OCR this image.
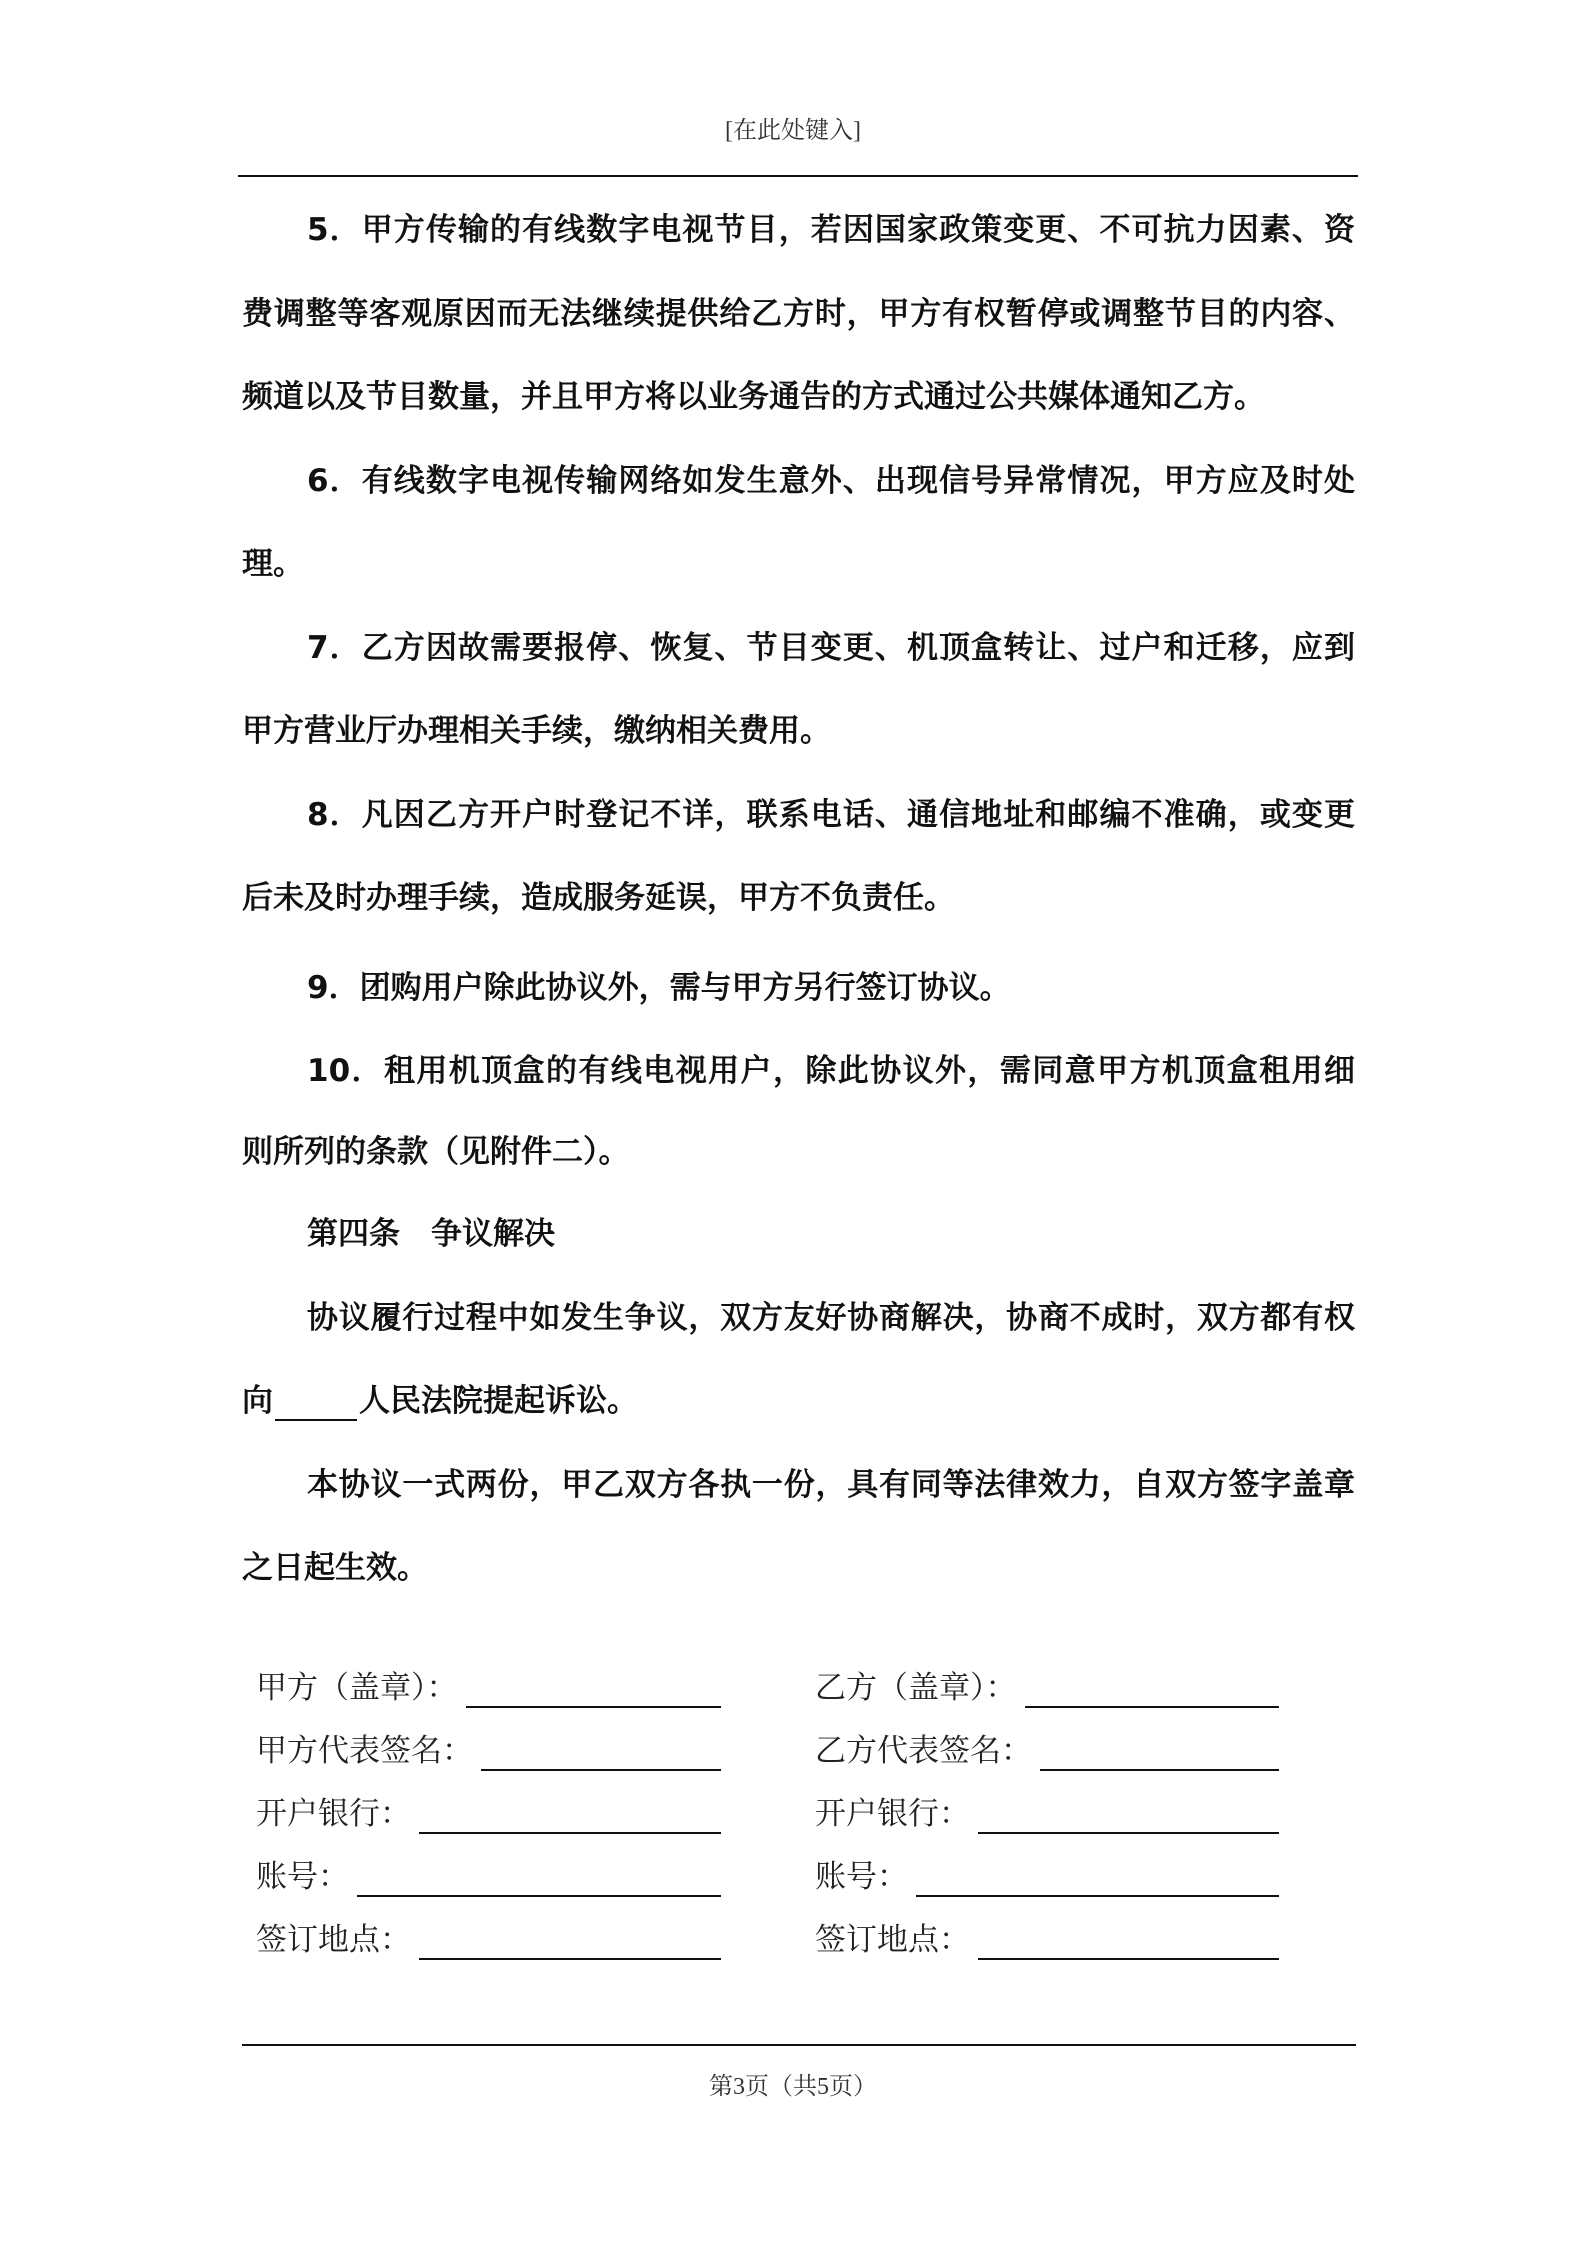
[在此处键入]
5．甲方传输的有线数字电视节目，若因国家政策变更、不可抗力因素、资
费调整等客观原因而无法继续提供给乙方时，甲方有权暂停或调整节目的内容、
频道以及节目数量，并且甲方将以业务通告的方式通过公共媒体通知乙方。
6．有线数字电视传输网络如发生意外、出现信号异常情况，甲方应及时处
理。
7．乙方因故需要报停、恢复、节目变更、机顶盒转让、过户和迁移，应到
甲方营业厅办理相关手续，缴纳相关费用。
8．凡因乙方开户时登记不详，联系电话、通信地址和邮编不准确，或变更
后未及时办理手续，造成服务延误，甲方不负责任。
9．团购用户除此协议外，需与甲方另行签订协议。
10．租用机顶盒的有线电视用户，除此协议外，需同意甲方机顶盒租用细
则所列的条款（见附件二）。
第四条　争议解决
协议履行过程中如发生争议，双方友好协商解决，协商不成时，双方都有权
向	人民法院提起诉讼。
本协议一式两份，甲乙双方各执一份，具有同等法律效力，自双方签字盖章
之日起生效。
甲方（盖章）：
甲方代表签名：
开户银行：
账号：
签订地点：
乙方（盖章）：
乙方代表签名：
开户银行：
账号：
签订地点：
第3页（共5页）
